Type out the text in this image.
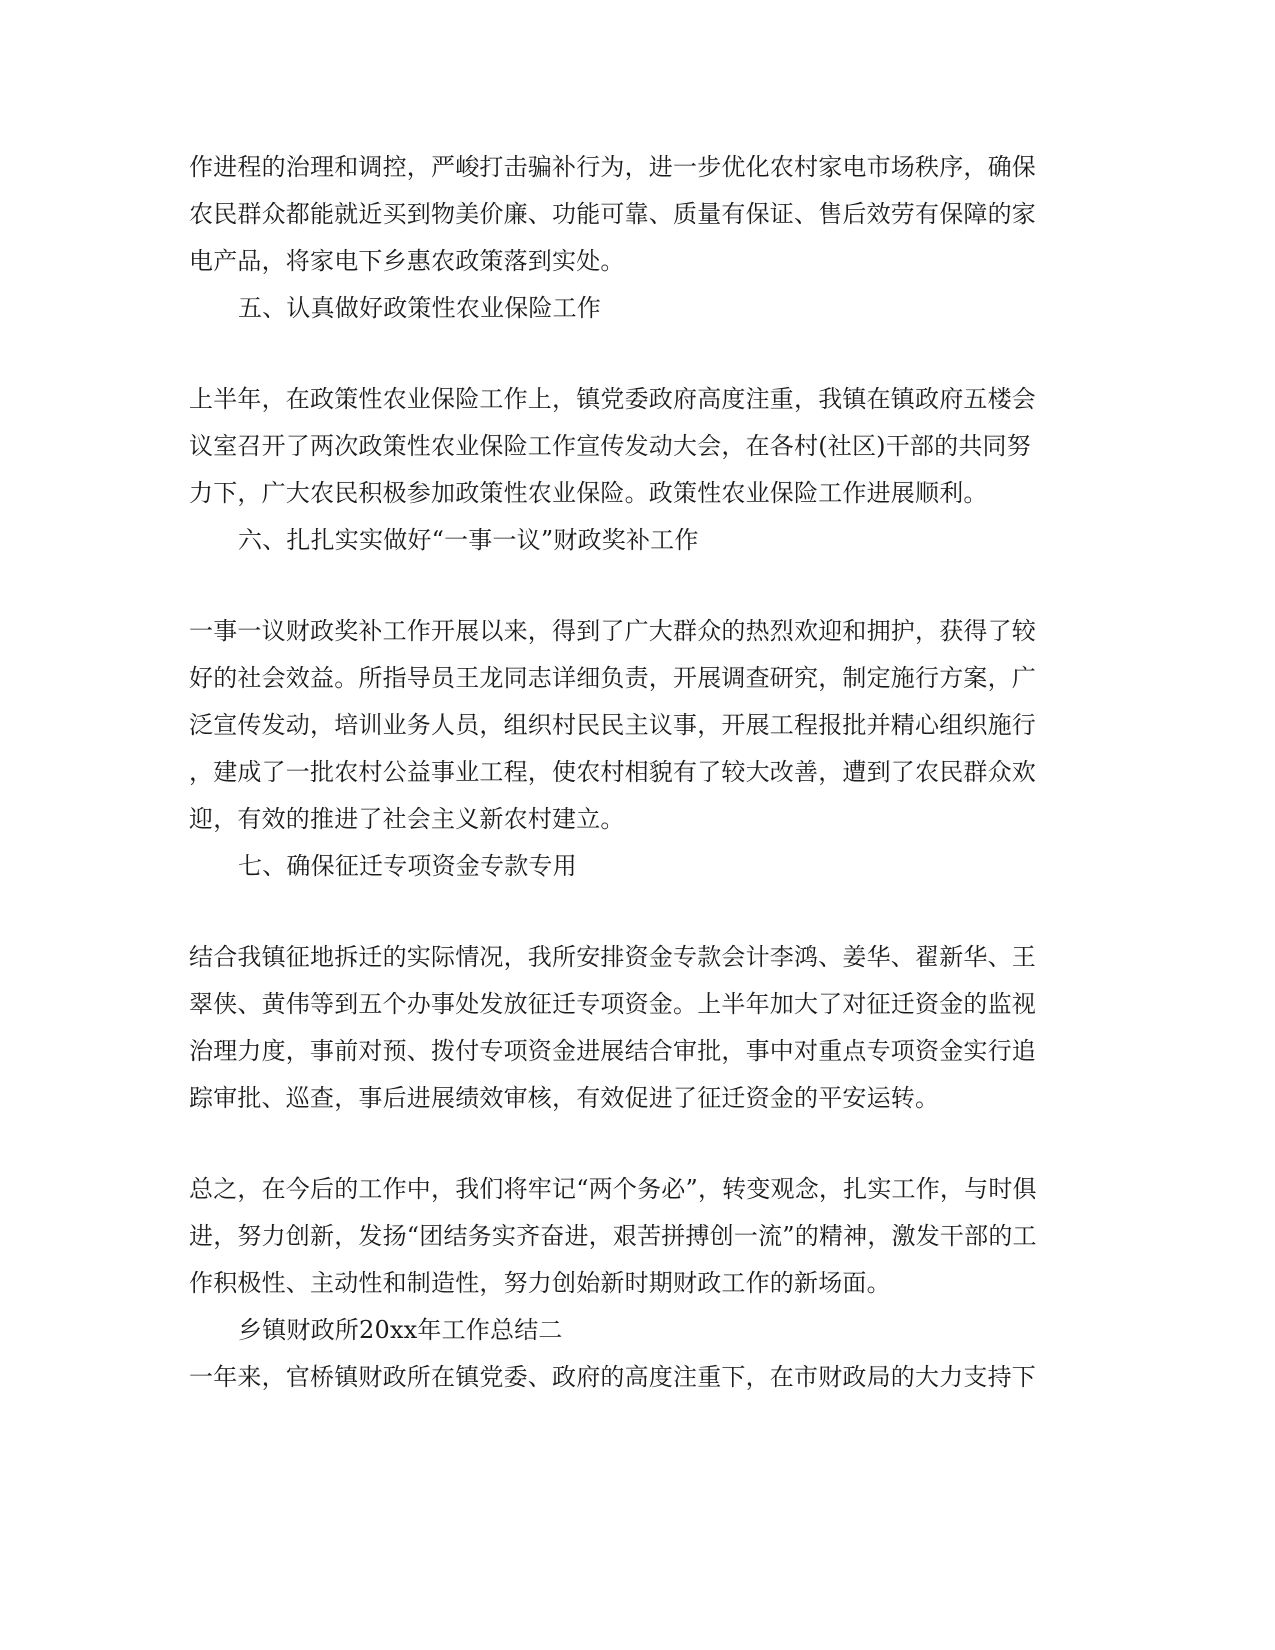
作进程的治理和调控，严峻打击骗补行为，进一步优化农村家电市场秩序，确保
农民群众都能就近买到物美价廉、功能可靠、质量有保证、售后效劳有保障的家
电产品，将家电下乡惠农政策落到实处。
五、认真做好政策性农业保险工作
上半年，在政策性农业保险工作上，镇党委政府高度注重，我镇在镇政府五楼会
议室召开了两次政策性农业保险工作宣传发动大会，在各村(社区)干部的共同努
力下，广大农民积极参加政策性农业保险。政策性农业保险工作进展顺利。
六、扎扎实实做好“一事一议”财政奖补工作
一事一议财政奖补工作开展以来，得到了广大群众的热烈欢迎和拥护，获得了较
好的社会效益。所指导员王龙同志详细负责，开展调查研究，制定施行方案，广
泛宣传发动，培训业务人员，组织村民民主议事，开展工程报批并精心组织施行
，建成了一批农村公益事业工程，使农村相貌有了较大改善，遭到了农民群众欢
迎，有效的推进了社会主义新农村建立。
七、确保征迁专项资金专款专用
结合我镇征地拆迁的实际情况，我所安排资金专款会计李鸿、姜华、翟新华、王
翠侠、黄伟等到五个办事处发放征迁专项资金。上半年加大了对征迁资金的监视
治理力度，事前对预、拨付专项资金进展结合审批，事中对重点专项资金实行追
踪审批、巡查，事后进展绩效审核，有效促进了征迁资金的平安运转。
总之，在今后的工作中，我们将牢记“两个务必”，转变观念，扎实工作，与时俱
进，努力创新，发扬“团结务实齐奋进，艰苦拼搏创一流”的精神，激发干部的工
作积极性、主动性和制造性，努力创始新时期财政工作的新场面。
乡镇财政所20xx年工作总结二
一年来，官桥镇财政所在镇党委、政府的高度注重下，在市财政局的大力支持下
